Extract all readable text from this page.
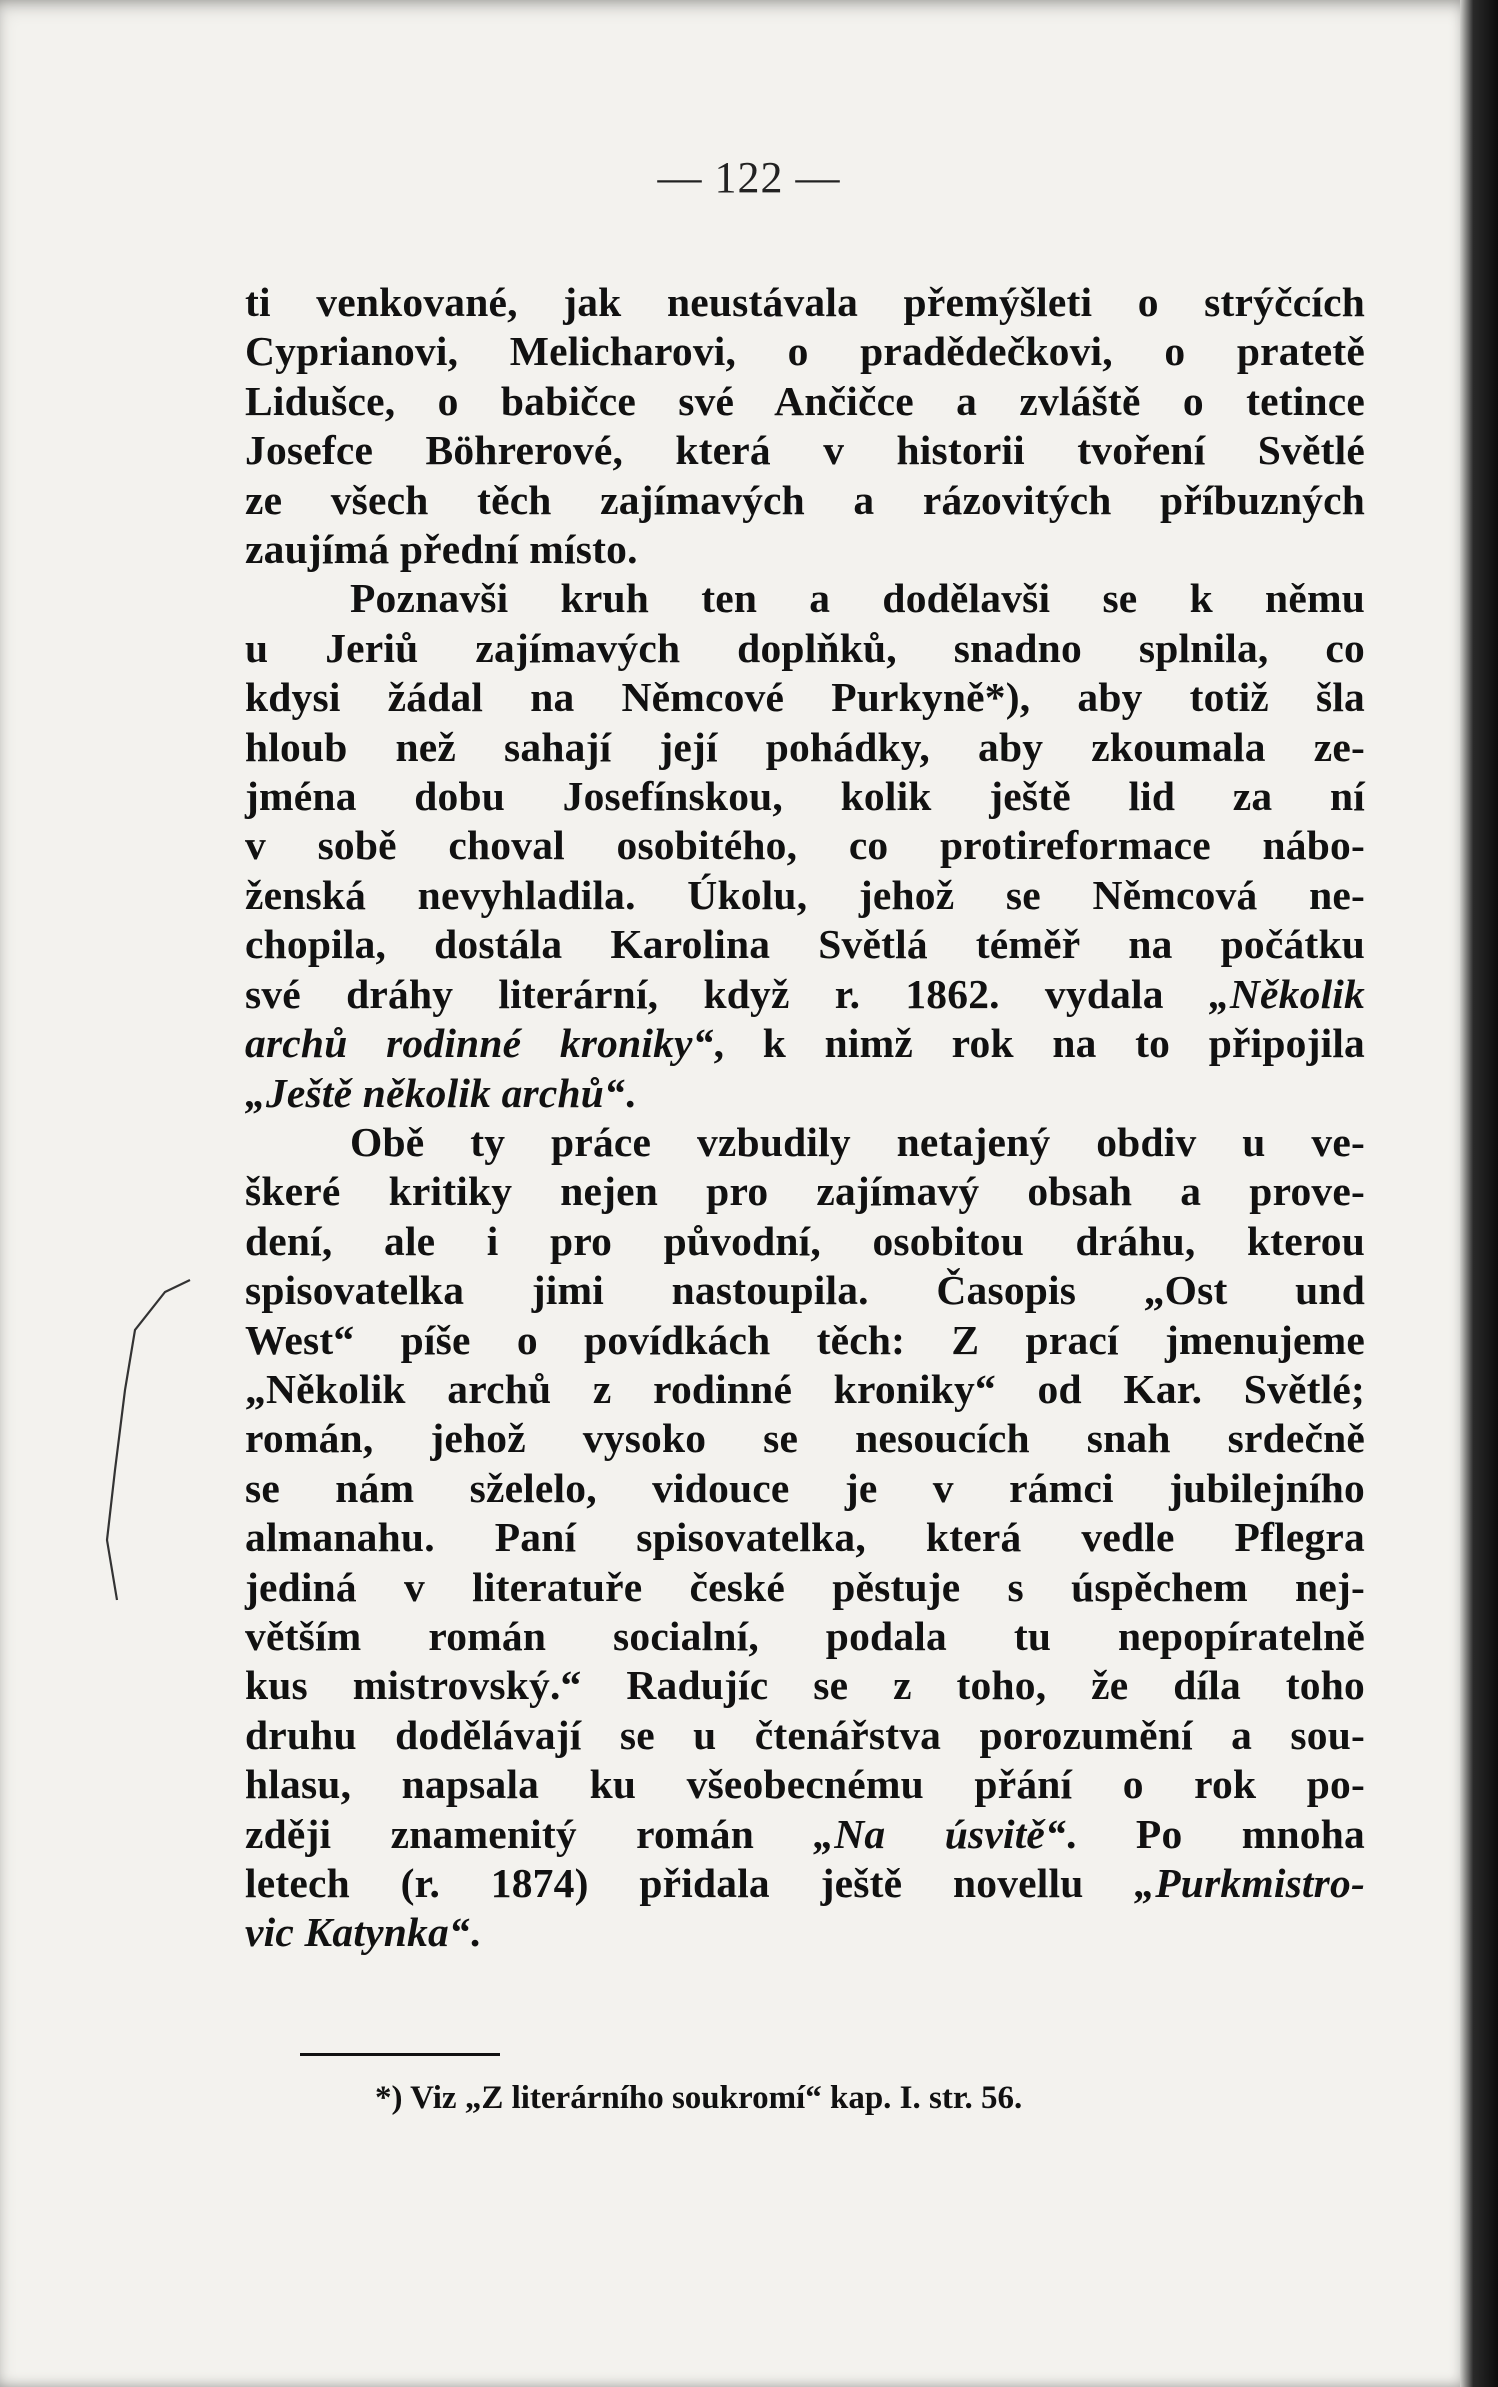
— 122 —
ti venkované, jak neustávala přemýšleti o strýčcích
Cyprianovi, Melicharovi, o pradědečkovi, o pratetě
Lidušce, o babičce své Ančičce a zvláště o tetince
Josefce Böhrerové, která v historii tvoření Světlé
ze všech těch zajímavých a rázovitých příbuzných
zaujímá přední místo.
Poznavši kruh ten a dodělavši se k němu
u Jeriů zajímavých doplňků, snadno splnila, co
kdysi žádal na Němcové Purkyně*), aby totiž šla
hloub než sahají její pohádky, aby zkoumala ze-
jména dobu Josefínskou, kolik ještě lid za ní
v sobě choval osobitého, co protireformace nábo-
ženská nevyhladila. Úkolu, jehož se Němcová ne-
chopila, dostála Karolina Světlá téměř na počátku
své dráhy literární, když r. 1862. vydala „Několik
archů rodinné kroniky“, k nimž rok na to připojila
„Ještě několik archů“.
Obě ty práce vzbudily netajený obdiv u ve-
škeré kritiky nejen pro zajímavý obsah a prove-
dení, ale i pro původní, osobitou dráhu, kterou
spisovatelka jimi nastoupila. Časopis „Ost und
West“ píše o povídkách těch: Z prací jmenujeme
„Několik archů z rodinné kroniky“ od Kar. Světlé;
román, jehož vysoko se nesoucích snah srdečně
se nám sželelo, vidouce je v rámci jubilejního
almanahu. Paní spisovatelka, která vedle Pflegra
jediná v literatuře české pěstuje s úspěchem nej-
větším román socialní, podala tu nepopíratelně
kus mistrovský.“ Radujíc se z toho, že díla toho
druhu dodělávají se u čtenářstva porozumění a sou-
hlasu, napsala ku všeobecnému přání o rok po-
zději znamenitý román „Na úsvitě“. Po mnoha
letech (r. 1874) přidala ještě novellu „Purkmistro-
vic Katynka“.
*) Viz „Z literárního soukromí“ kap. I. str. 56.
